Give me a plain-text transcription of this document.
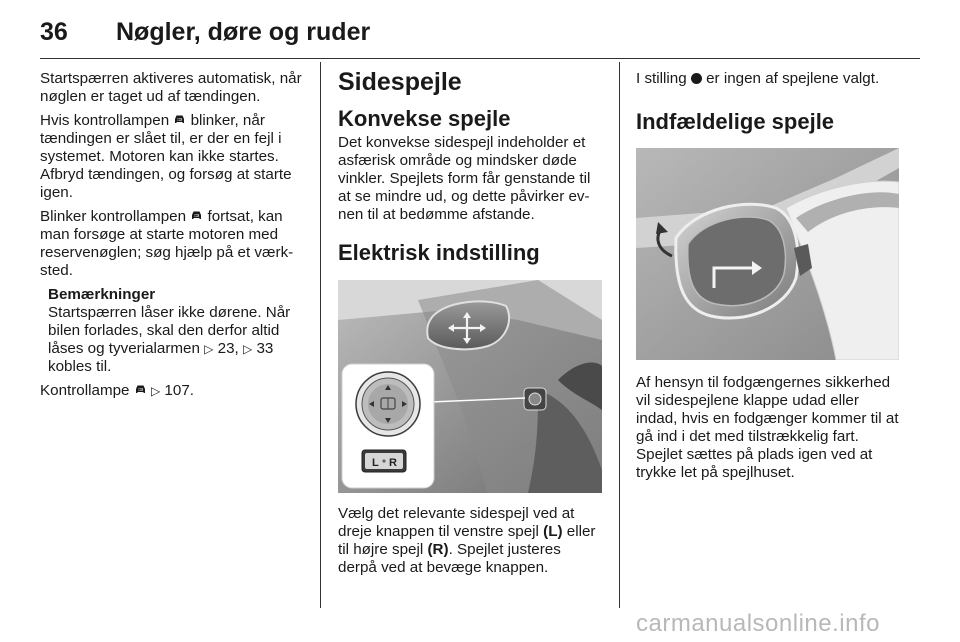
36 Nøgler, døre og ruder

Startspærren aktiveres automatisk, når nøglen er taget ud af tændingen.

Hvis kontrollampen  blinker, når tændingen er slået til, er der en fejl i systemet. Motoren kan ikke startes. Afbryd tændingen, og forsøg at starte igen.

Blinker kontrollampen  fortsat, kan man forsøge at starte motoren med reservenøglen; søg hjælp på et værksted.

Bemærkninger

Startspærren låser ikke dørene. Når bilen forlades, skal den derfor altid låses og tyverialarmen ▷ 23, ▷ 33 kobles til.

Kontrollampe  ▷ 107.

Sidespejle
Konvekse spejle

Det konvekse sidespejl indeholder et asfærisk område og mindsker døde vinkler. Spejlets form får genstande til at se mindre ud, og dette påvirker evnen til at bedømme afstande.

Elektrisk indstilling
L R

Vælg det relevante sidespejl ved at dreje knappen til venstre spejl (L) eller til højre spejl (R). Spejlet justeres derpå ved at bevæge knappen.

I stilling  er ingen af spejlene valgt.

Indfældelige spejle

Af hensyn til fodgængernes sikkerhed vil sidespejlene klappe udad eller indad, hvis en fodgænger kommer til at gå ind i det med tilstrækkelig fart. Spejlet sættes på plads igen ved at trykke let på spejlhuset.

carmanualsonline.info
